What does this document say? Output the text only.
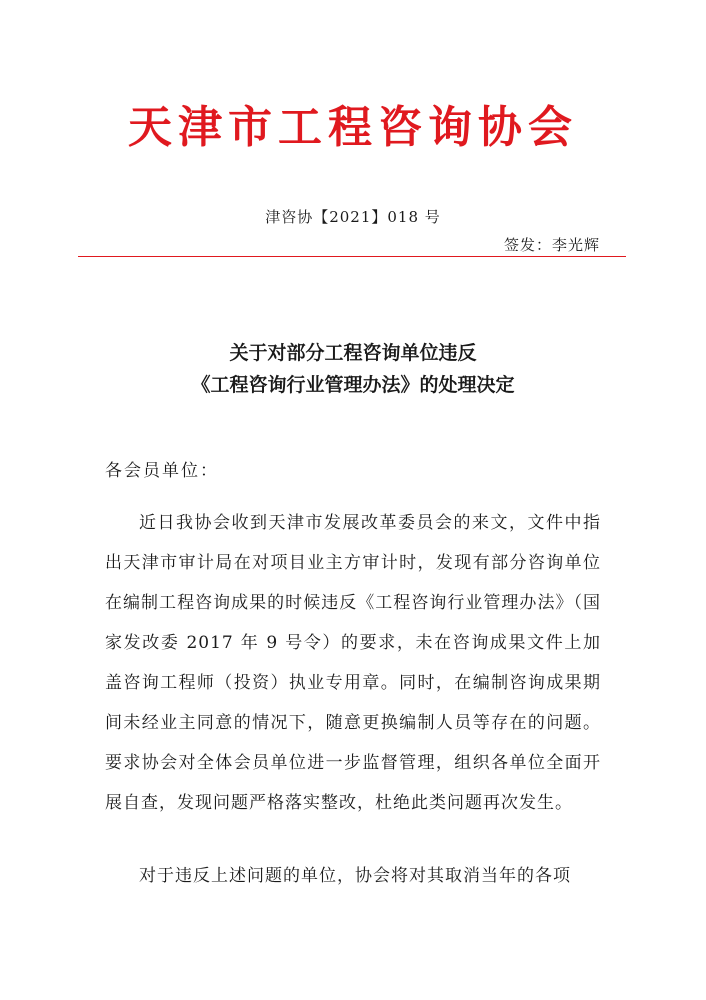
天津市工程咨询协会
津咨协【2021】018 号
签发：李光辉
关于对部分工程咨询单位违反
《工程咨询行业管理办法》的处理决定
各会员单位：

近日我协会收到天津市发展改革委员会的来文，文件中指出天津市审计局在对项目业主方审计时，发现有部分咨询单位在编制工程咨询成果的时候违反《工程咨询行业管理办法》（国家发改委 2017 年 9 号令）的要求，未在咨询成果文件上加盖咨询工程师（投资）执业专用章。同时，在编制咨询成果期间未经业主同意的情况下，随意更换编制人员等存在的问题。要求协会对全体会员单位进一步监督管理，组织各单位全面开展自查，发现问题严格落实整改，杜绝此类问题再次发生。

对于违反上述问题的单位，协会将对其取消当年的各项
